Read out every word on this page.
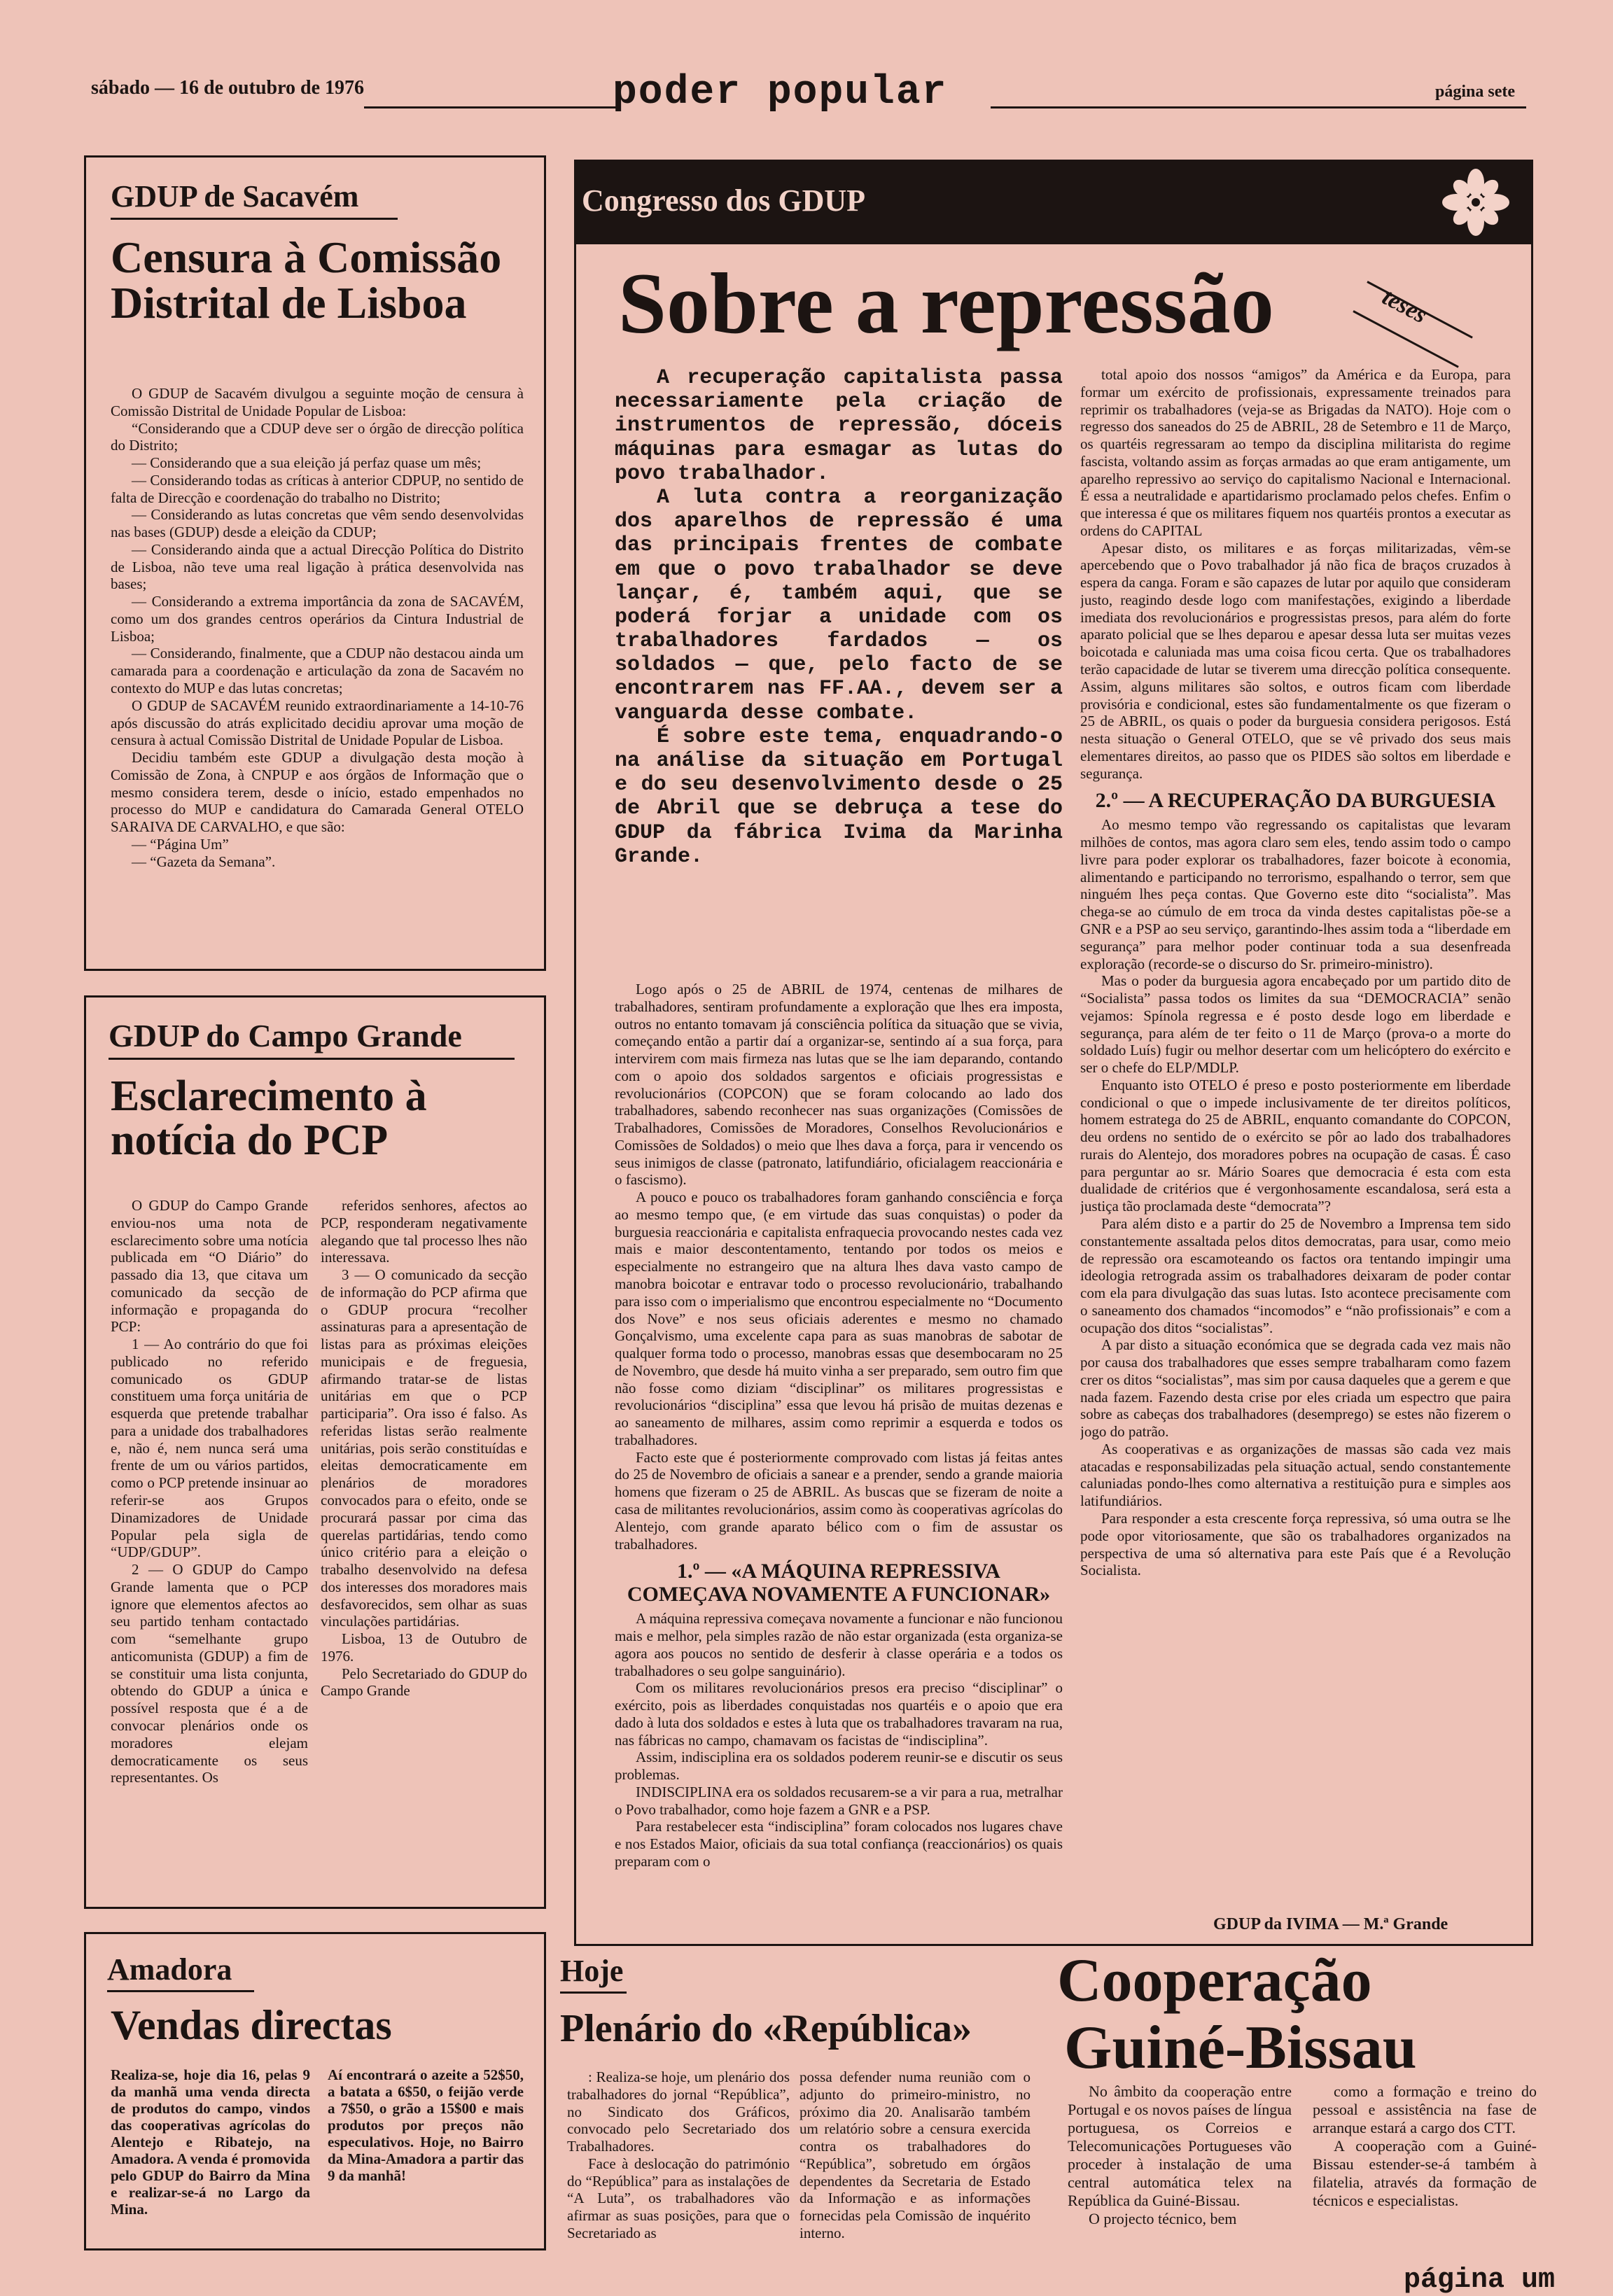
sábado — 16 de outubro de 1976	poder popular	página sete
GDUP de Sacavém
Censura à Comissão Distrital de Lisboa

O GDUP de Sacavém divulgou a seguinte moção de censura à Comissão Distrital de Unidade Popular de Lisboa:

“Considerando que a CDUP deve ser o órgão de direcção política do Distrito;

— Considerando que a sua eleição já perfaz quase um mês;

— Considerando todas as críticas à anterior CDPUP, no sentido de falta de Direcção e coordenação do trabalho no Distrito;

— Considerando as lutas concretas que vêm sendo desenvolvidas nas bases (GDUP) desde a eleição da CDUP;

— Considerando ainda que a actual Direcção Política do Distrito de Lisboa, não teve uma real ligação à prática desenvolvida nas bases;

— Considerando a extrema importância da zona de SACAVÉM, como um dos grandes centros operários da Cintura Industrial de Lisboa;

— Considerando, finalmente, que a CDUP não destacou ainda um camarada para a coordenação e articulação da zona de Sacavém no contexto do MUP e das lutas concretas;

O GDUP de SACAVÉM reunido extraordinariamente a 14-10-76 após discussão do atrás explicitado decidiu aprovar uma moção de censura à actual Comissão Distrital de Unidade Popular de Lisboa.

Decidiu também este GDUP a divulgação desta moção à Comissão de Zona, à CNPUP e aos órgãos de Informação que o mesmo considera terem, desde o início, estado empenhados no processo do MUP e candidatura do Camarada General OTELO SARAIVA DE CARVALHO, e que são:

— “Página Um”

— “Gazeta da Semana”.

GDUP do Campo Grande
Esclarecimento à notícia do PCP

O GDUP do Campo Grande enviou-nos uma nota de esclarecimento sobre uma notícia publicada em “O Diário” do passado dia 13, que citava um comunicado da secção de informação e propaganda do PCP:

1 — Ao contrário do que foi publicado no referido comunicado os GDUP constituem uma força unitária de esquerda que pretende trabalhar para a unidade dos trabalhadores e, não é, nem nunca será uma frente de um ou vários partidos, como o PCP pretende insinuar ao referir-se aos Grupos Dinamizadores de Unidade Popular pela sigla de “UDP/GDUP”.

2 — O GDUP do Campo Grande lamenta que o PCP ignore que elementos afectos ao seu partido tenham contactado com “semelhante grupo anticomunista (GDUP) a fim de se constituir uma lista conjunta, obtendo do GDUP a única e possível resposta que é a de convocar plenários onde os moradores elejam democraticamente os seus representantes. Os

referidos senhores, afectos ao PCP, responderam negativamente alegando que tal processo lhes não interessava.

3 — O comunicado da secção de informação do PCP afirma que o GDUP procura “recolher assinaturas para a apresentação de listas para as próximas eleições municipais e de freguesia, afirmando tratar-se de listas unitárias em que o PCP participaria”. Ora isso é falso. As referidas listas serão realmente unitárias, pois serão constituídas e eleitas democraticamente em plenários de moradores convocados para o efeito, onde se procurará passar por cima das querelas partidárias, tendo como único critério para a eleição o trabalho desenvolvido na defesa dos interesses dos moradores mais desfavorecidos, sem olhar as suas vinculações partidárias.

Lisboa, 13 de Outubro de 1976.

Pelo Secretariado do GDUP do Campo Grande

Amadora
Vendas directas
Realiza-se, hoje dia 16, pelas 9 da manhã uma venda directa de produtos do campo, vindos das cooperativas agrícolas do Alentejo e Ribatejo, na Amadora. A venda é promovida pelo GDUP do Bairro da Mina e realizar-se-á no Largo da Mina.
Aí encontrará o azeite a 52$50, a batata a 6$50, o feijão verde a 7$50, o grão a 15$00 e mais produtos por preços não especulativos. Hoje, no Bairro da Mina-Amadora a partir das 9 da manhã!
Congresso dos GDUP
Sobre a repressão	teses

A recuperação capitalista passa necessariamente pela criação de instrumentos de repressão, dóceis máquinas para esmagar as lutas do povo trabalhador.

A luta contra a reorganização dos aparelhos de repressão é uma das principais frentes de combate em que o povo trabalhador se deve lançar, é, também aqui, que se poderá forjar a unidade com os trabalhadores fardados — os soldados — que, pelo facto de se encontrarem nas FF.AA., devem ser a vanguarda desse combate.

É sobre este tema, enquadrando-o na análise da situação em Portugal e do seu desenvolvimento desde o 25 de Abril que se debruça a tese do GDUP da fábrica Ivima da Marinha Grande.

Logo após o 25 de ABRIL de 1974, centenas de milhares de trabalhadores, sentiram profundamente a exploração que lhes era imposta, outros no entanto tomavam já consciência política da situação que se vivia, começando então a partir daí a organizar-se, sentindo aí a sua força, para intervirem com mais firmeza nas lutas que se lhe iam deparando, contando com o apoio dos soldados sargentos e oficiais progressistas e revolucionários (COPCON) que se foram colocando ao lado dos trabalhadores, sabendo reconhecer nas suas organizações (Comissões de Trabalhadores, Comissões de Moradores, Conselhos Revolucionários e Comissões de Soldados) o meio que lhes dava a força, para ir vencendo os seus inimigos de classe (patronato, latifundiário, oficialagem reaccionária e o fascismo).

A pouco e pouco os trabalhadores foram ganhando consciência e força ao mesmo tempo que, (e em virtude das suas conquistas) o poder da burguesia reaccionária e capitalista enfraquecia provocando nestes cada vez mais e maior descontentamento, tentando por todos os meios e especialmente no estrangeiro que na altura lhes dava vasto campo de manobra boicotar e entravar todo o processo revolucionário, trabalhando para isso com o imperialismo que encontrou especialmente no “Documento dos Nove” e nos seus oficiais aderentes e mesmo no chamado Gonçalvismo, uma excelente capa para as suas manobras de sabotar de qualquer forma todo o processo, manobras essas que desembocaram no 25 de Novembro, que desde há muito vinha a ser preparado, sem outro fim que não fosse como diziam “disciplinar” os militares progressistas e revolucionários “disciplina” essa que levou há prisão de muitas dezenas e ao saneamento de milhares, assim como reprimir a esquerda e todos os trabalhadores.

Facto este que é posteriormente comprovado com listas já feitas antes do 25 de Novembro de oficiais a sanear e a prender, sendo a grande maioria homens que fizeram o 25 de ABRIL. As buscas que se fizeram de noite a casa de militantes revolucionários, assim como às cooperativas agrícolas do Alentejo, com grande aparato bélico com o fim de assustar os trabalhadores.

1.º — «A MÁQUINA REPRESSIVA COMEÇAVA NOVAMENTE A FUNCIONAR»

A máquina repressiva começava novamente a funcionar e não funcionou mais e melhor, pela simples razão de não estar organizada (esta organiza-se agora aos poucos no sentido de desferir à classe operária e a todos os trabalhadores o seu golpe sanguinário).

Com os militares revolucionários presos era preciso “disciplinar” o exército, pois as liberdades conquistadas nos quartéis e o apoio que era dado à luta dos soldados e estes à luta que os trabalhadores travaram na rua, nas fábricas no campo, chamavam os facistas de “indisciplina”.

Assim, indisciplina era os soldados poderem reunir-se e discutir os seus problemas.

INDISCIPLINA era os soldados recusarem-se a vir para a rua, metralhar o Povo trabalhador, como hoje fazem a GNR e a PSP.

Para restabelecer esta “indisciplina” foram colocados nos lugares chave e nos Estados Maior, oficiais da sua total confiança (reaccionários) os quais preparam com o

total apoio dos nossos “amigos” da América e da Europa, para formar um exército de profissionais, expressamente treinados para reprimir os trabalhadores (veja-se as Brigadas da NATO). Hoje com o regresso dos saneados do 25 de ABRIL, 28 de Setembro e 11 de Março, os quartéis regressaram ao tempo da disciplina militarista do regime fascista, voltando assim as forças armadas ao que eram antigamente, um aparelho repressivo ao serviço do capitalismo Nacional e Internacional. É essa a neutralidade e apartidarismo proclamado pelos chefes. Enfim o que interessa é que os militares fiquem nos quartéis prontos a executar as ordens do CAPITAL

Apesar disto, os militares e as forças militarizadas, vêm-se apercebendo que o Povo trabalhador já não fica de braços cruzados à espera da canga. Foram e são capazes de lutar por aquilo que consideram justo, reagindo desde logo com manifestações, exigindo a liberdade imediata dos revolucionários e progressistas presos, para além do forte aparato policial que se lhes deparou e apesar dessa luta ser muitas vezes boicotada e caluniada mas uma coisa ficou certa. Que os trabalhadores terão capacidade de lutar se tiverem uma direcção política consequente. Assim, alguns militares são soltos, e outros ficam com liberdade provisória e condicional, estes são fundamentalmente os que fizeram o 25 de ABRIL, os quais o poder da burguesia considera perigosos. Está nesta situação o General OTELO, que se vê privado dos seus mais elementares direitos, ao passo que os PIDES são soltos em liberdade e segurança.

2.º — A RECUPERAÇÃO DA BURGUESIA

Ao mesmo tempo vão regressando os capitalistas que levaram milhões de contos, mas agora claro sem eles, tendo assim todo o campo livre para poder explorar os trabalhadores, fazer boicote à economia, alimentando e participando no terrorismo, espalhando o terror, sem que ninguém lhes peça contas. Que Governo este dito “socialista”. Mas chega-se ao cúmulo de em troca da vinda destes capitalistas põe-se a GNR e a PSP ao seu serviço, garantindo-lhes assim toda a “liberdade em segurança” para melhor poder continuar toda a sua desenfreada exploração (recorde-se o discurso do Sr. primeiro-ministro).

Mas o poder da burguesia agora encabeçado por um partido dito de “Socialista” passa todos os limites da sua “DEMOCRACIA” senão vejamos: Spínola regressa e é posto desde logo em liberdade e segurança, para além de ter feito o 11 de Março (prova-o a morte do soldado Luís) fugir ou melhor desertar com um helicóptero do exército e ser o chefe do ELP/MDLP.

Enquanto isto OTELO é preso e posto posteriormente em liberdade condicional o que o impede inclusivamente de ter direitos políticos, homem estratega do 25 de ABRIL, enquanto comandante do COPCON, deu ordens no sentido de o exército se pôr ao lado dos trabalhadores rurais do Alentejo, dos moradores pobres na ocupação de casas. É caso para perguntar ao sr. Mário Soares que democracia é esta com esta dualidade de critérios que é vergonhosamente escandalosa, será esta a justiça tão proclamada deste “democrata”?

Para além disto e a partir do 25 de Novembro a Imprensa tem sido constantemente assaltada pelos ditos democratas, para usar, como meio de repressão ora escamoteando os factos ora tentando impingir uma ideologia retrograda assim os trabalhadores deixaram de poder contar com ela para divulgação das suas lutas. Isto acontece precisamente com o saneamento dos chamados “incomodos” e “não profissionais” e com a ocupação dos ditos “socialistas”.

A par disto a situação económica que se degrada cada vez mais não por causa dos trabalhadores que esses sempre trabalharam como fazem crer os ditos “socialistas”, mas sim por causa daqueles que a gerem e que nada fazem. Fazendo desta crise por eles criada um espectro que paira sobre as cabeças dos trabalhadores (desemprego) se estes não fizerem o jogo do patrão.

As cooperativas e as organizações de massas são cada vez mais atacadas e responsabilizadas pela situação actual, sendo constantemente caluniadas pondo-lhes como alternativa a restituição pura e simples aos latifundiários.

Para responder a esta crescente força repressiva, só uma outra se lhe pode opor vitoriosamente, que são os trabalhadores organizados na perspectiva de uma só alternativa para este País que é a Revolução Socialista.

GDUP da IVIMA — M.ª Grande
Hoje
Plenário do «República»

: Realiza-se hoje, um plenário dos trabalhadores do jornal “República”, no Sindicato dos Gráficos, convocado pelo Secretariado dos Trabalhadores.

Face à deslocação do património do “República” para as instalações de “A Luta”, os trabalhadores vão afirmar as suas posições, para que o Secretariado as

possa defender numa reunião com o adjunto do primeiro-ministro, no próximo dia 20. Analisarão também um relatório sobre a censura exercida contra os trabalhadores do “República”, sobretudo em órgãos dependentes da Secretaria de Estado da Informação e as informações fornecidas pela Comissão de inquérito interno.
Cooperação
Guiné-Bissau

No âmbito da cooperação entre Portugal e os novos países de língua portuguesa, os Correios e Telecomunicações Portugueses vão proceder à instalação de uma central automática telex na República da Guiné-Bissau.

O projecto técnico, bem

como a formação e treino do pessoal e assistência na fase de arranque estará a cargo dos CTT.

A cooperação com a Guiné-Bissau estender-se-á também à filatelia, através da formação de técnicos e especialistas.

página um
